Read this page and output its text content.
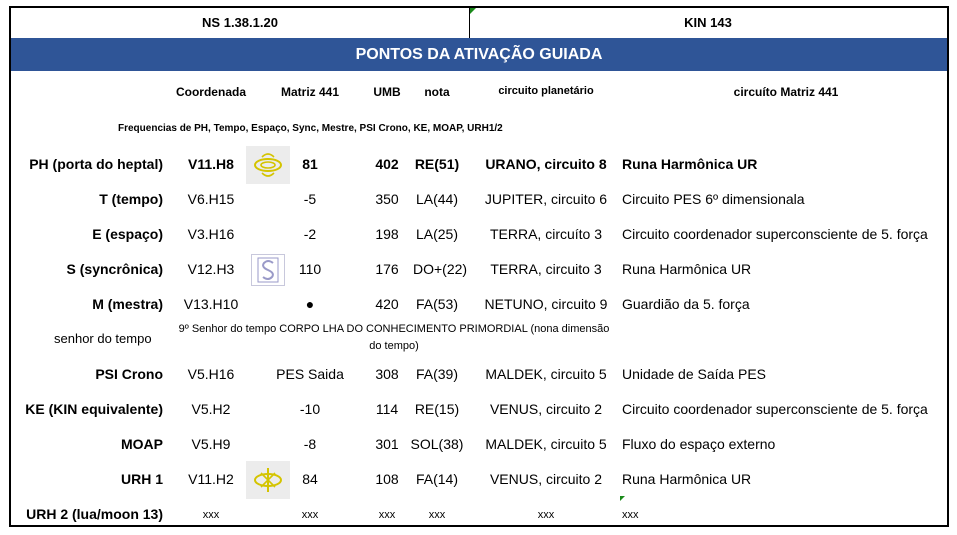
NS 1.38.1.20	KIN 143
PONTOS DA ATIVAÇÃO GUIADA
Coordenada	Matriz 441	UMB	nota	circuito planetário	circuíto Matriz 441
Frequencias de PH, Tempo, Espaço, Sync, Mestre, PSI Crono, KE, MOAP, URH1/2
PH (porta do heptal)	V11.H8	81	402	RE(51)	URANO, circuito 8	Runa Harmônica UR
T (tempo)	V6.H15	-5	350	LA(44)	JUPITER, circuito 6	Circuito PES 6º dimensionala
E (espaço)	V3.H16	-2	198	LA(25)	TERRA, circuíto 3	Circuito coordenador superconsciente de 5. força
S (syncrônica)	V12.H3	110	176	DO+(22)	TERRA, circuito 3	Runa Harmônica UR
M (mestra)	V13.H10	●	420	FA(53)	NETUNO, circuito 9	Guardião da 5. força
senhor do tempo
9º Senhor do tempo CORPO LHA DO CONHECIMENTO PRIMORDIAL (nona dimensão
do tempo)
PSI Crono	V5.H16	PES Saida	308	FA(39)	MALDEK, circuito 5	Unidade de Saída PES
KE (KIN equivalente)	V5.H2	-10	114	RE(15)	VENUS, circuito 2	Circuito coordenador superconsciente de 5. força
MOAP	V5.H9	-8	301 SOL(38)	MALDEK, circuito 5	Fluxo do espaço externo
URH 1	V11.H2	84	108	FA(14)	VENUS, circuito 2	Runa Harmônica UR
URH 2 (lua/moon 13)	xxx	xxx	xxx	xxx	xxx	xxx
